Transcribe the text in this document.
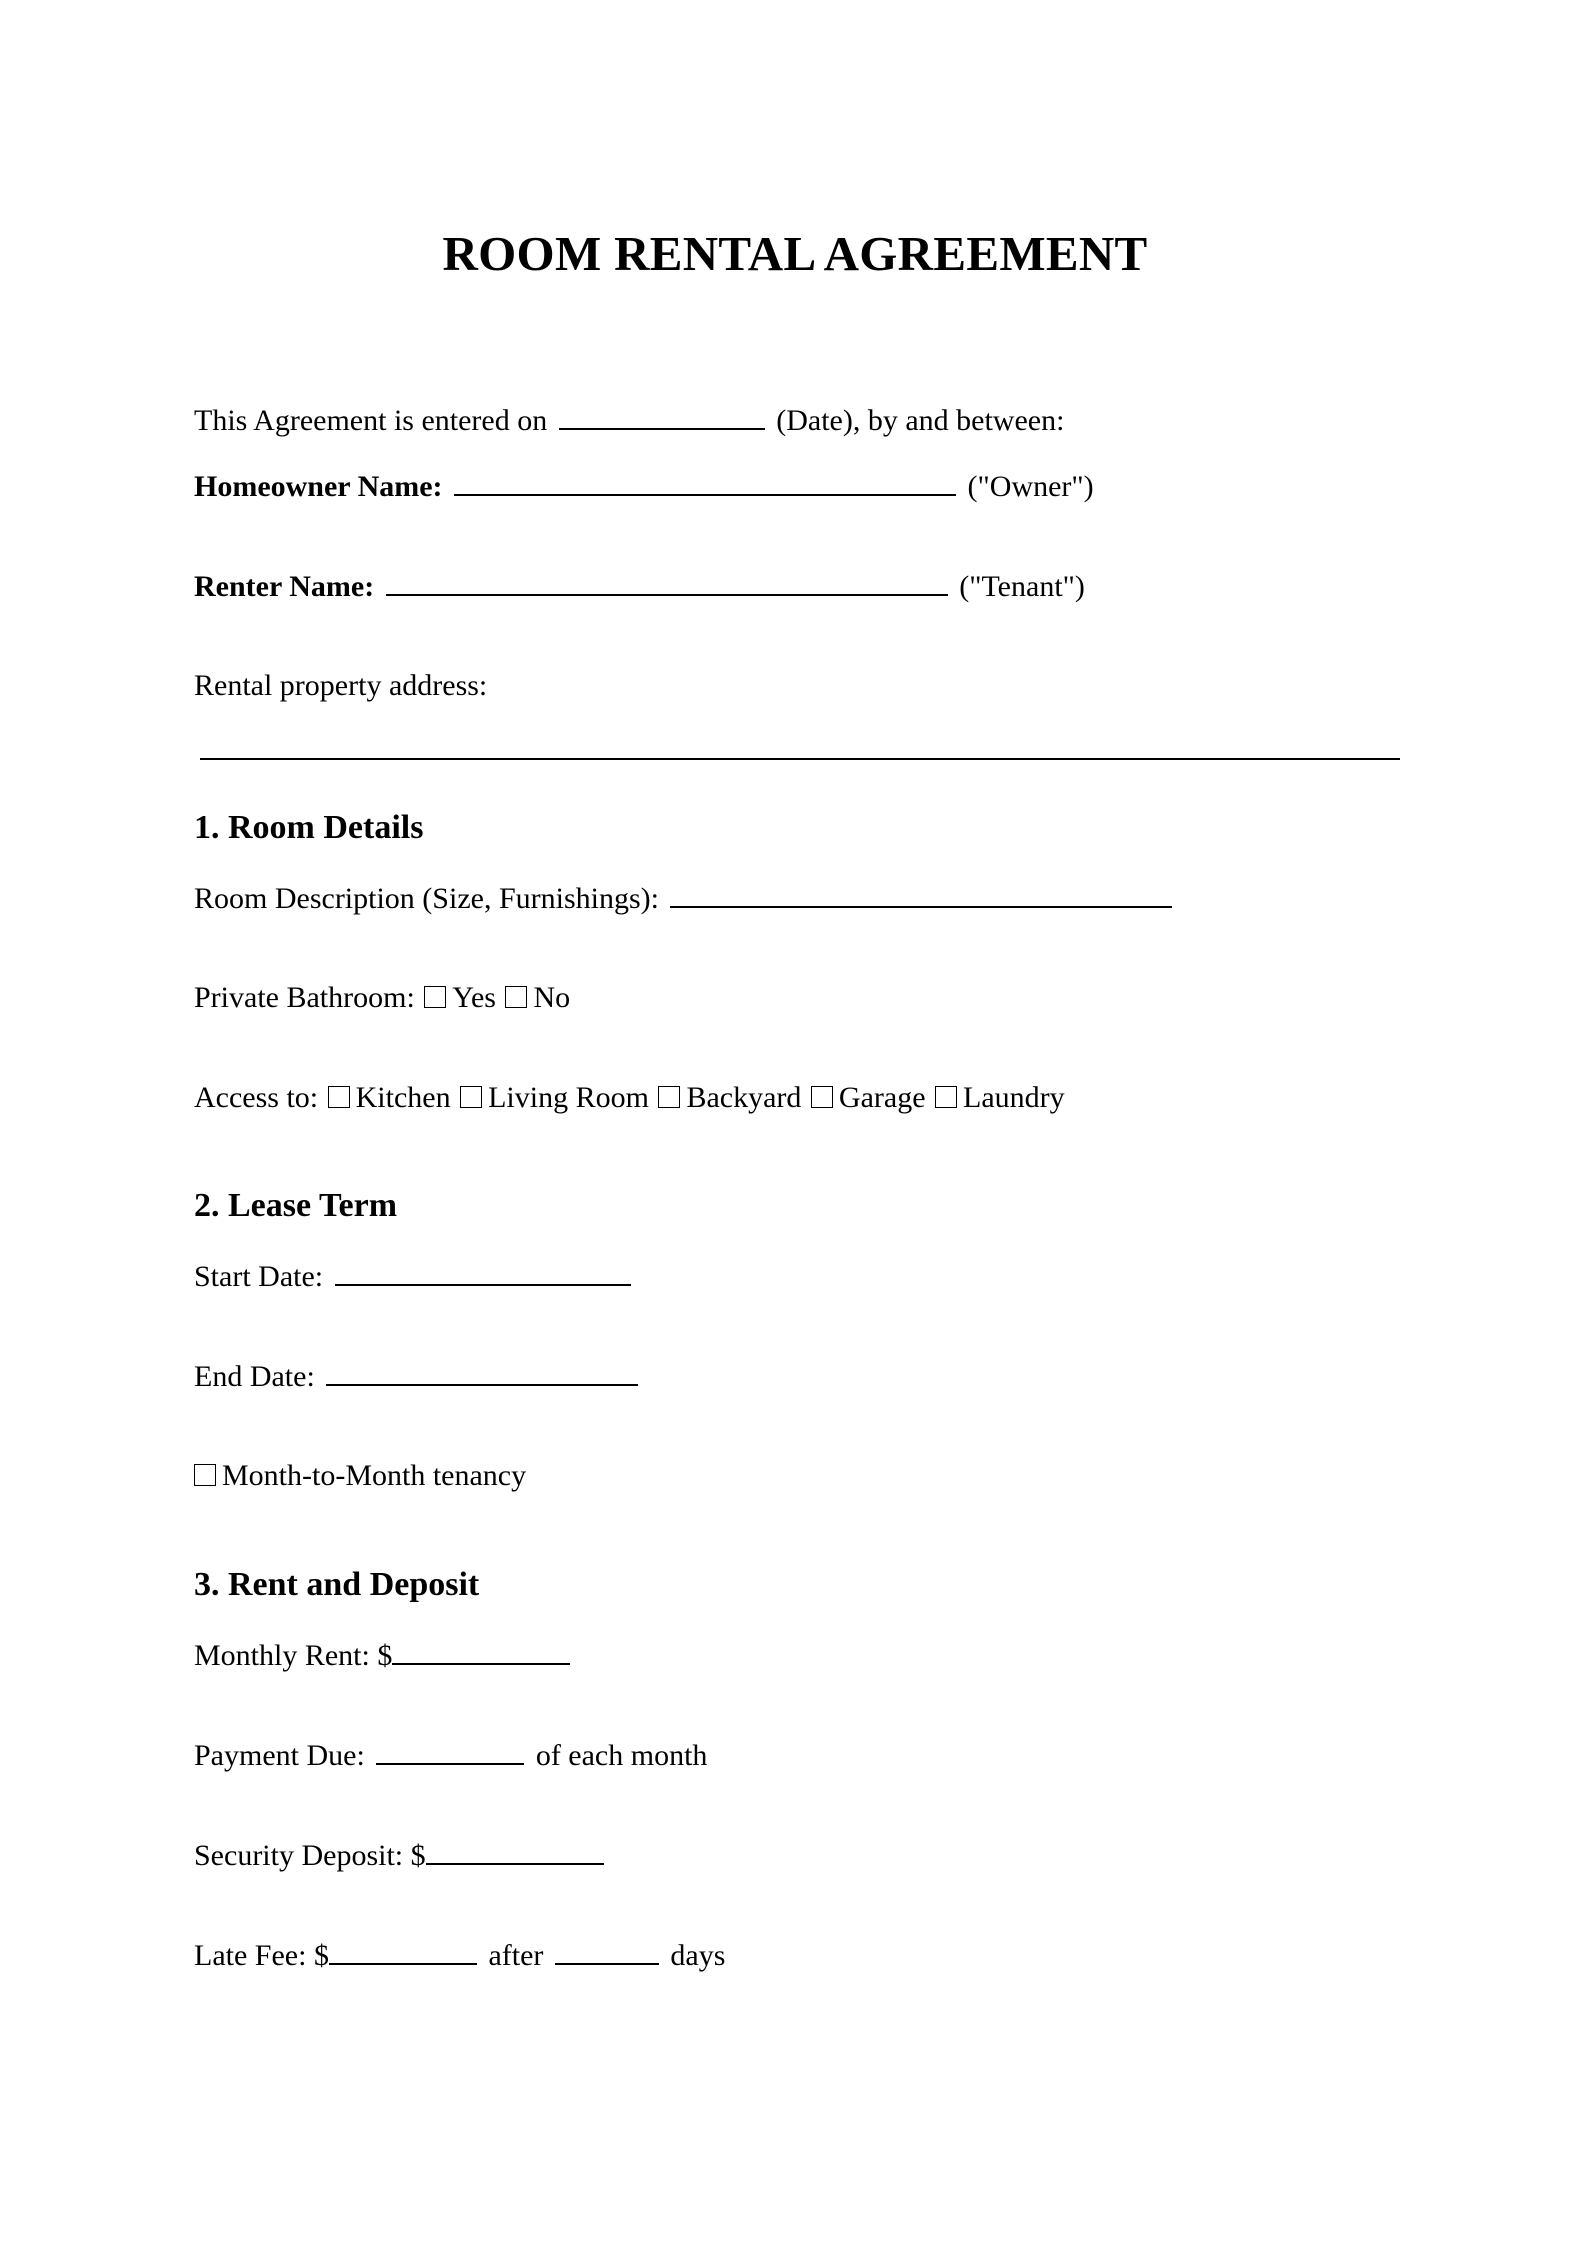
ROOM RENTAL AGREEMENT
This Agreement is entered on	(Date), by and between:
Homeowner Name:	("Owner")
Renter Name:	("Tenant")
Rental property address:
1. Room Details
Room Description (Size, Furnishings):
Private Bathroom: Yes No
Access to: Kitchen Living Room Backyard Garage Laundry
2. Lease Term
Start Date:
End Date:
Month-to-Month tenancy
3. Rent and Deposit
Monthly Rent: $
Payment Due:	of each month
Security Deposit: $
Late Fee: $	after	days
